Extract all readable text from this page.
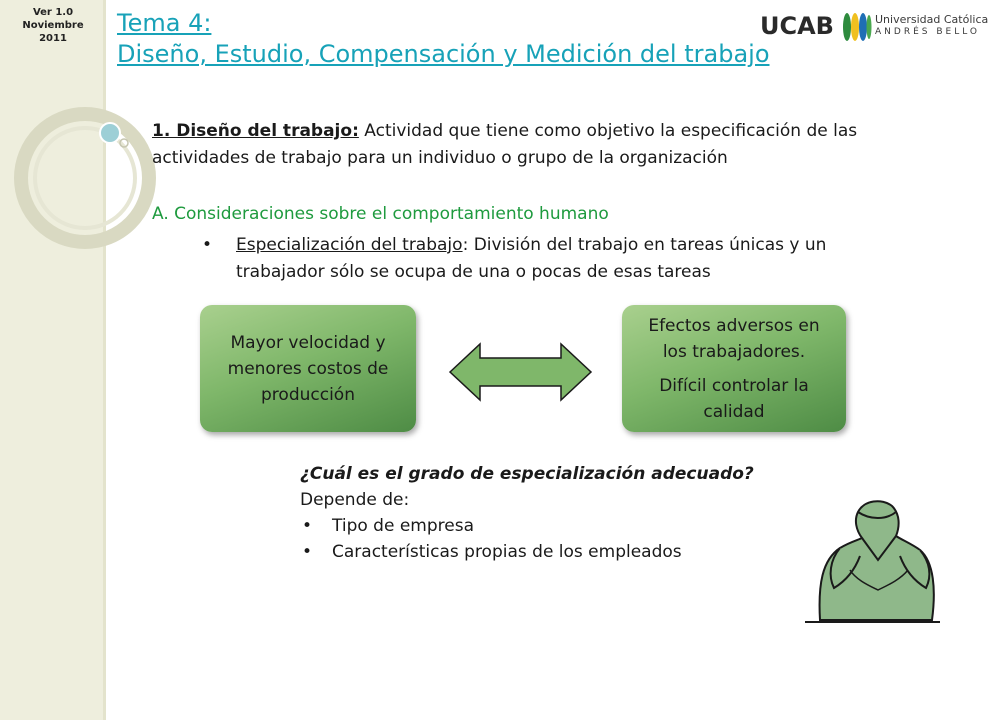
Ver 1.0
Noviembre
2011
Tema 4:
Diseño, Estudio, Compensación y Medición del trabajo
UCAB	Universidad Católica
ANDRÉS BELLO
1. Diseño del trabajo: Actividad que tiene como objetivo la especificación de las actividades de trabajo para un individuo o grupo de la organización
A. Consideraciones sobre el comportamiento humano
• Especialización del trabajo: División del trabajo en tareas únicas y un trabajador sólo se ocupa de una o pocas de esas tareas
Mayor velocidad y menores costos de producción
Efectos adversos en los trabajadores.
Difícil controlar la calidad
¿Cuál es el grado de especialización adecuado?
Depende de:
• Tipo de empresa
• Características propias de los empleados
